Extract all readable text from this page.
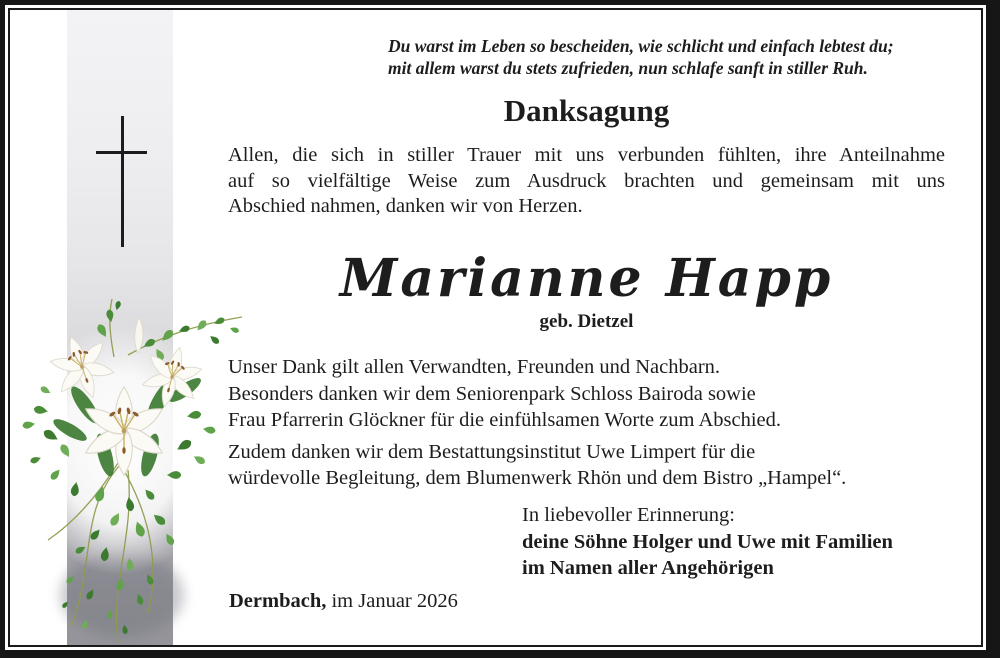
Du warst im Leben so bescheiden, wie schlicht und einfach lebtest du;
mit allem warst du stets zufrieden, nun schlafe sanft in stiller Ruh.
Danksagung
Allen, die sich in stiller Trauer mit uns verbunden fühlten, ihre Anteilnahme
auf so vielfältige Weise zum Ausdruck brachten und gemeinsam mit uns
Abschied nahmen, danken wir von Herzen.
Marianne Happ
geb. Dietzel
Unser Dank gilt allen Verwandten, Freunden und Nachbarn.
Besonders danken wir dem Seniorenpark Schloss Bairoda sowie
Frau Pfarrerin Glöckner für die einfühlsamen Worte zum Abschied.
Zudem danken wir dem Bestattungsinstitut Uwe Limpert für die
würdevolle Begleitung, dem Blumenwerk Rhön und dem Bistro „Hampel“.
In liebevoller Erinnerung:
deine Söhne Holger und Uwe mit Familien
im Namen aller Angehörigen
Dermbach, im Januar 2026
